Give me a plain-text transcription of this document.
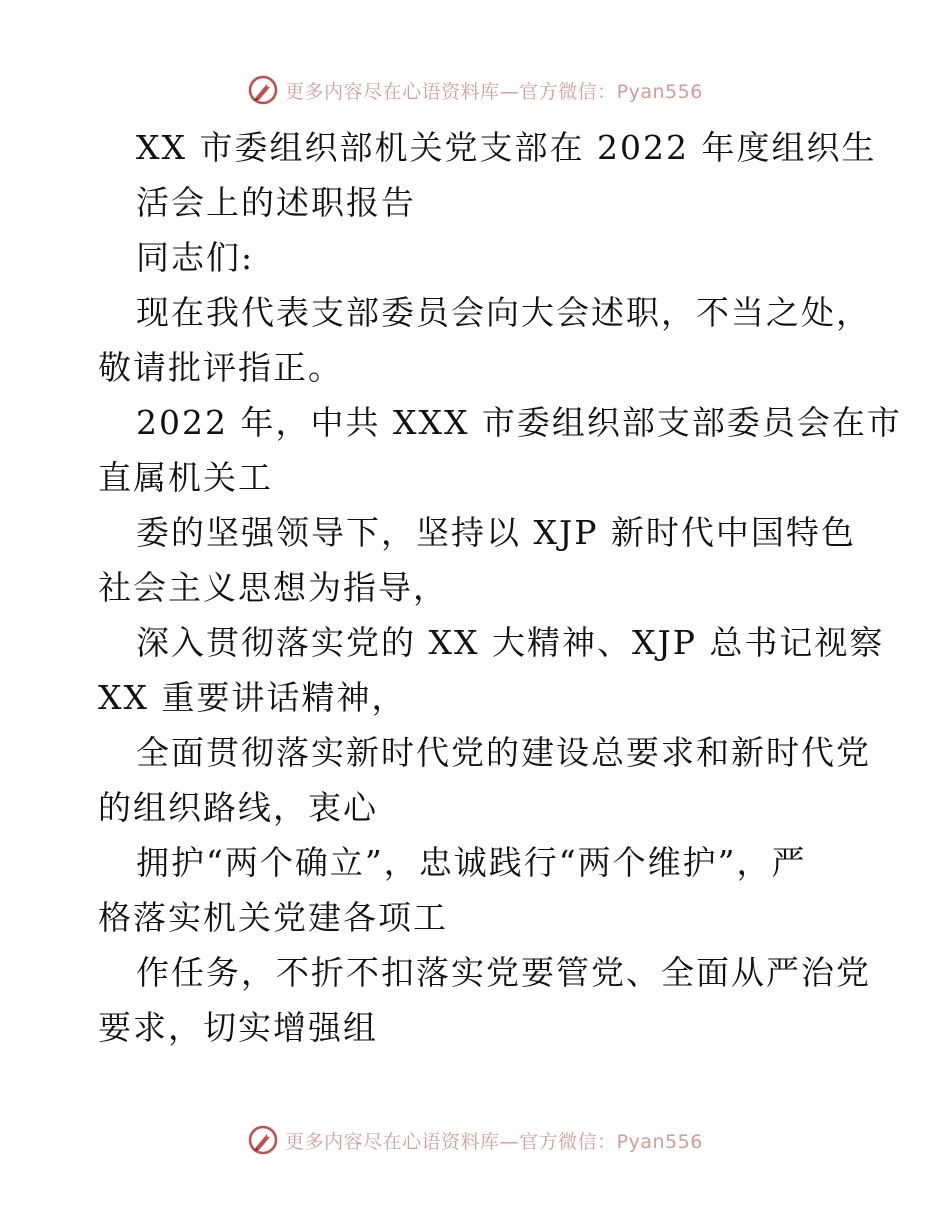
更多内容尽在心语资料库—官方微信：Pyan556
XX 市委组织部机关党支部在 2022 年度组织生
活会上的述职报告
同志们:
现在我代表支部委员会向大会述职，不当之处，
敬请批评指正。
2022 年，中共 XXX 市委组织部支部委员会在市
直属机关工
委的坚强领导下，坚持以 XJP 新时代中国特色
社会主义思想为指导，
深入贯彻落实党的 XX 大精神、XJP 总书记视察
XX 重要讲话精神，
全面贯彻落实新时代党的建设总要求和新时代党
的组织路线，衷心
拥护“两个确立”，忠诚践行“两个维护”，严
格落实机关党建各项工
作任务，不折不扣落实党要管党、全面从严治党
要求，切实增强组
更多内容尽在心语资料库—官方微信：Pyan556
